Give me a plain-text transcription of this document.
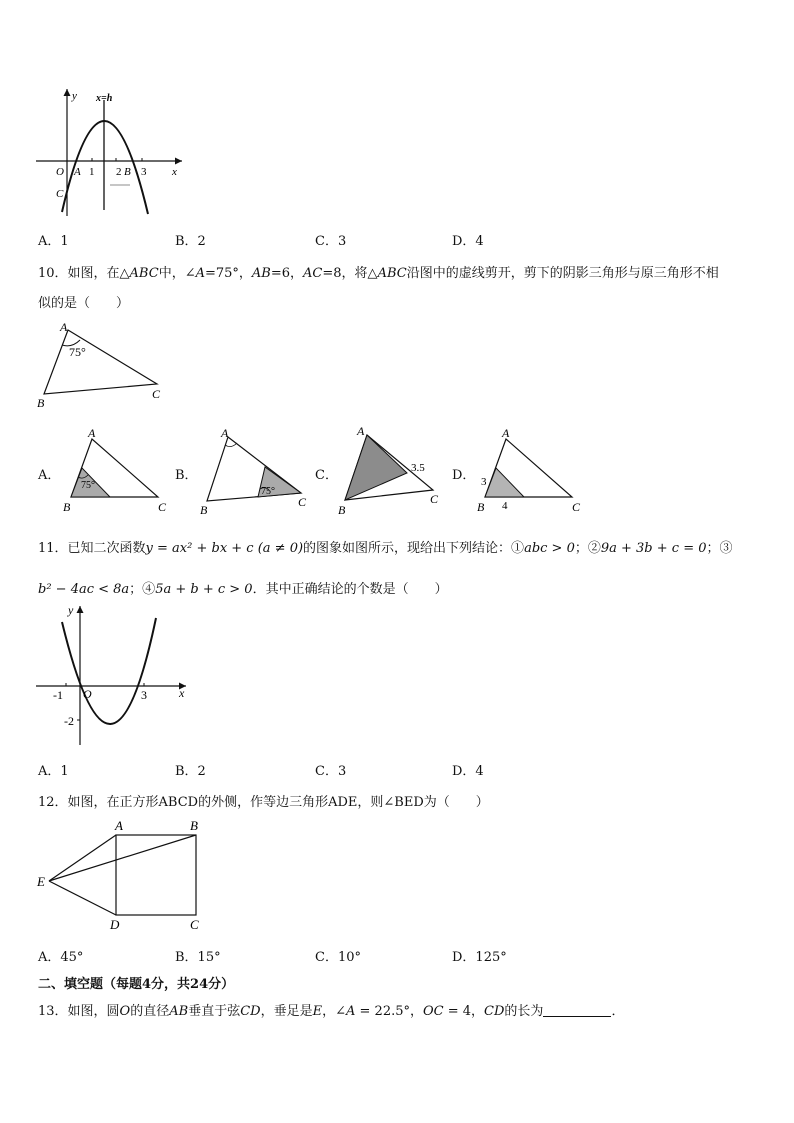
y x=h
O A 1 2 B 3 x
C
A．1	B．2	C．3	D．4
10．如图，在△ABC中，∠A=75°，AB=6，AC=8，将△ABC沿图中的虚线剪开，剪下的阴影三角形与原三角形不相
似的是（　　）
A
75°
B
C
A．
A
75°
B	C
B．
A
75°
B
C
C．
A
3.5
B
C
D．
A
3
4
B	C
11．已知二次函数y = ax² + bx + c (a ≠ 0)的图象如图所示，现给出下列结论：①abc > 0；②9a + 3b + c = 0；③
b² − 4ac < 8a；④5a + b + c > 0．其中正确结论的个数是（　　）
y
x
-1 O	3
-2
A．1	B．2	C．3	D．4
12．如图，在正方形ABCD的外侧，作等边三角形ADE，则∠BED为（　　）
A	B
E
D	C
A．45°	B．15°	C．10°	D．125°
二、填空题（每题4分，共24分）
13．如图，圆O的直径AB垂直于弦CD，垂足是E，∠A = 22.5°，OC = 4，CD的长为	．
